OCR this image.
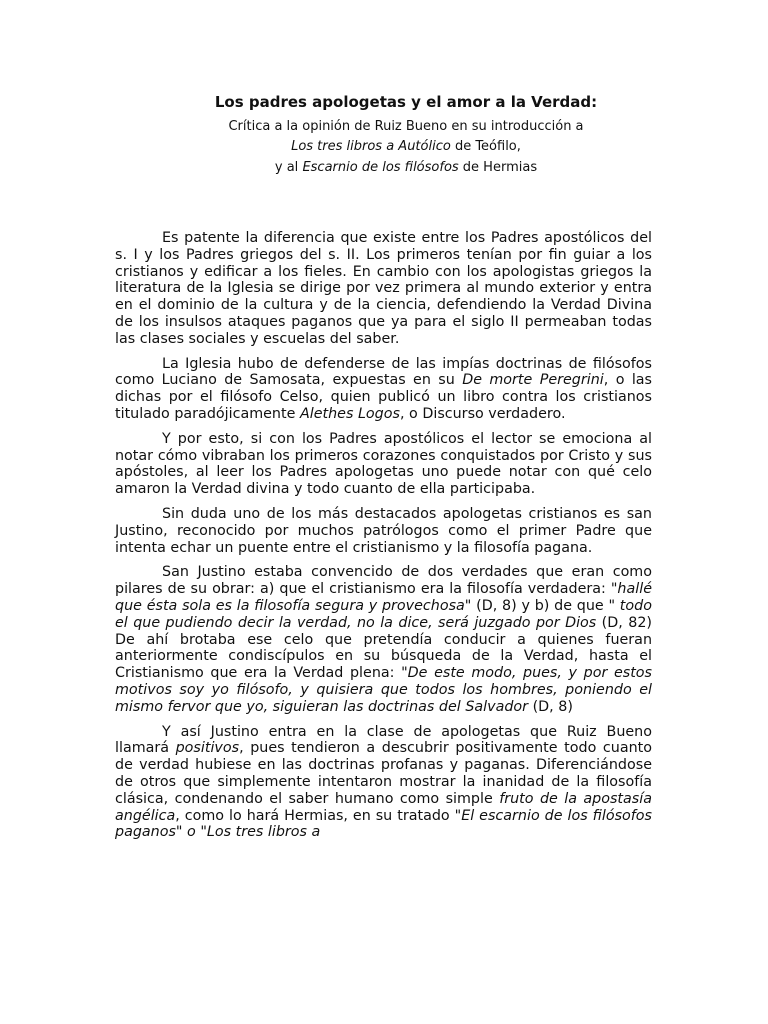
Los padres apologetas y el amor a la Verdad:
Crítica a la opinión de Ruiz Bueno en su introducción a
Los tres libros a Autólico de Teófilo,
y al Escarnio de los filósofos de Hermias

Es patente la diferencia que existe entre los Padres apostólicos del s. I y los Padres griegos del s. II. Los primeros tenían por fin guiar a los cristianos y edificar a los fieles. En cambio con los apologistas griegos la literatura de la Iglesia se dirige por vez primera al mundo exterior y entra en el dominio de la cultura y de la ciencia, defendiendo la Verdad Divina de los insulsos ataques paganos que ya para el siglo II permeaban todas las clases sociales y escuelas del saber.

La Iglesia hubo de defenderse de las impías doctrinas de filósofos como Luciano de Samosata, expuestas en su De morte Peregrini, o las dichas por el filósofo Celso, quien publicó un libro contra los cristianos titulado paradójicamente Alethes Logos, o Discurso verdadero.

Y por esto, si con los Padres apostólicos el lector se emociona al notar cómo vibraban los primeros corazones conquistados por Cristo y sus apóstoles, al leer los Padres apologetas uno puede notar con qué celo amaron la Verdad divina y todo cuanto de ella participaba.

Sin duda uno de los más destacados apologetas cristianos es san Justino, reconocido por muchos patrólogos como el primer Padre que intenta echar un puente entre el cristianismo y la filosofía pagana.

San Justino estaba convencido de dos verdades que eran como pilares de su obrar: a) que el cristianismo era la filosofía verdadera: "hallé que ésta sola es la filosofía segura y provechosa" (D, 8) y b) de que " todo el que pudiendo decir la verdad, no la dice, será juzgado por Dios (D, 82) De ahí brotaba ese celo que pretendía conducir a quienes fueran anteriormente condiscípulos en su búsqueda de la Verdad, hasta el Cristianismo que era la Verdad plena: "De este modo, pues, y por estos motivos soy yo filósofo, y quisiera que todos los hombres, poniendo el mismo fervor que yo, siguieran las doctrinas del Salvador (D, 8)

Y así Justino entra en la clase de apologetas que Ruiz Bueno llamará positivos, pues tendieron a descubrir positivamente todo cuanto de verdad hubiese en las doctrinas profanas y paganas. Diferenciándose de otros que simplemente intentaron mostrar la inanidad de la filosofía clásica, condenando el saber humano como simple fruto de la apostasía angélica, como lo hará Hermias, en su tratado "El escarnio de los filósofos paganos" o "Los tres libros a
